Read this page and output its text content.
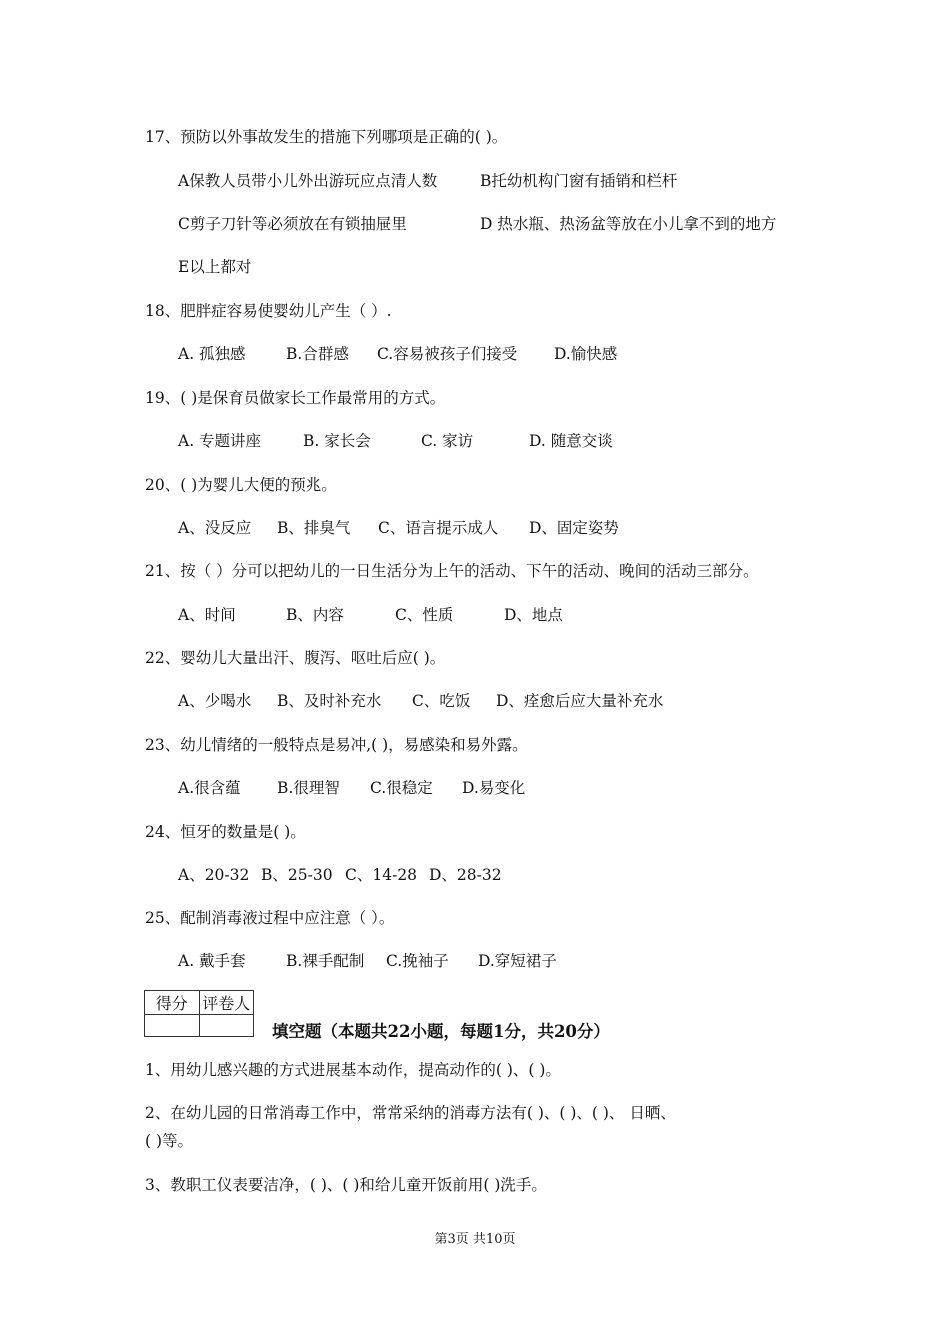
17、预防以外事故发生的措施下列哪项是正确的( )。
A保教人员带小儿外出游玩应点清人数	B托幼机构门窗有插销和栏杆
C剪子刀针等必须放在有锁抽屉里	D 热水瓶、热汤盆等放在小儿拿不到的地方
E以上都对
18、肥胖症容易使婴幼儿产生（ ）.
A. 孤独感	B.合群感 C.容易被孩子们接受 D.愉快感
19、( )是保育员做家长工作最常用的方式。
A. 专题讲座	B. 家长会	C. 家访	D. 随意交谈
20、( )为婴儿大便的预兆。
A、没反应 B、排臭气 C、语言提示成人 D、固定姿势
21、按（ ）分可以把幼儿的一日生活分为上午的活动、下午的活动、晚间的活动三部分。
A、时间	B、内容	C、性质	D、地点
22、婴幼儿大量出汗、腹泻、呕吐后应( )。
A、少喝水 B、及时补充水 C、吃饭 D、痊愈后应大量补充水
23、幼儿情绪的一般特点是易冲,( )，易感染和易外露。
A.很含蕴 B.很理智 C.很稳定 D.易变化
24、恒牙的数量是( )。
A、20-32 B、25-30 C、14-28 D、28-32
25、配制消毒液过程中应注意（ ）。
A. 戴手套	B.裸手配制 C.挽袖子 D.穿短裙子
得分	评卷人

填空题（本题共22小题，每题1分，共20分）
1、用幼儿感兴趣的方式进展基本动作，提高动作的( )、( )。
2、在幼儿园的日常消毒工作中，常常采纳的消毒方法有( )、( )、( )、 日晒、
( )等。
3、教职工仪表要洁净，( )、( )和给儿童开饭前用( )洗手。
第3页 共10页
